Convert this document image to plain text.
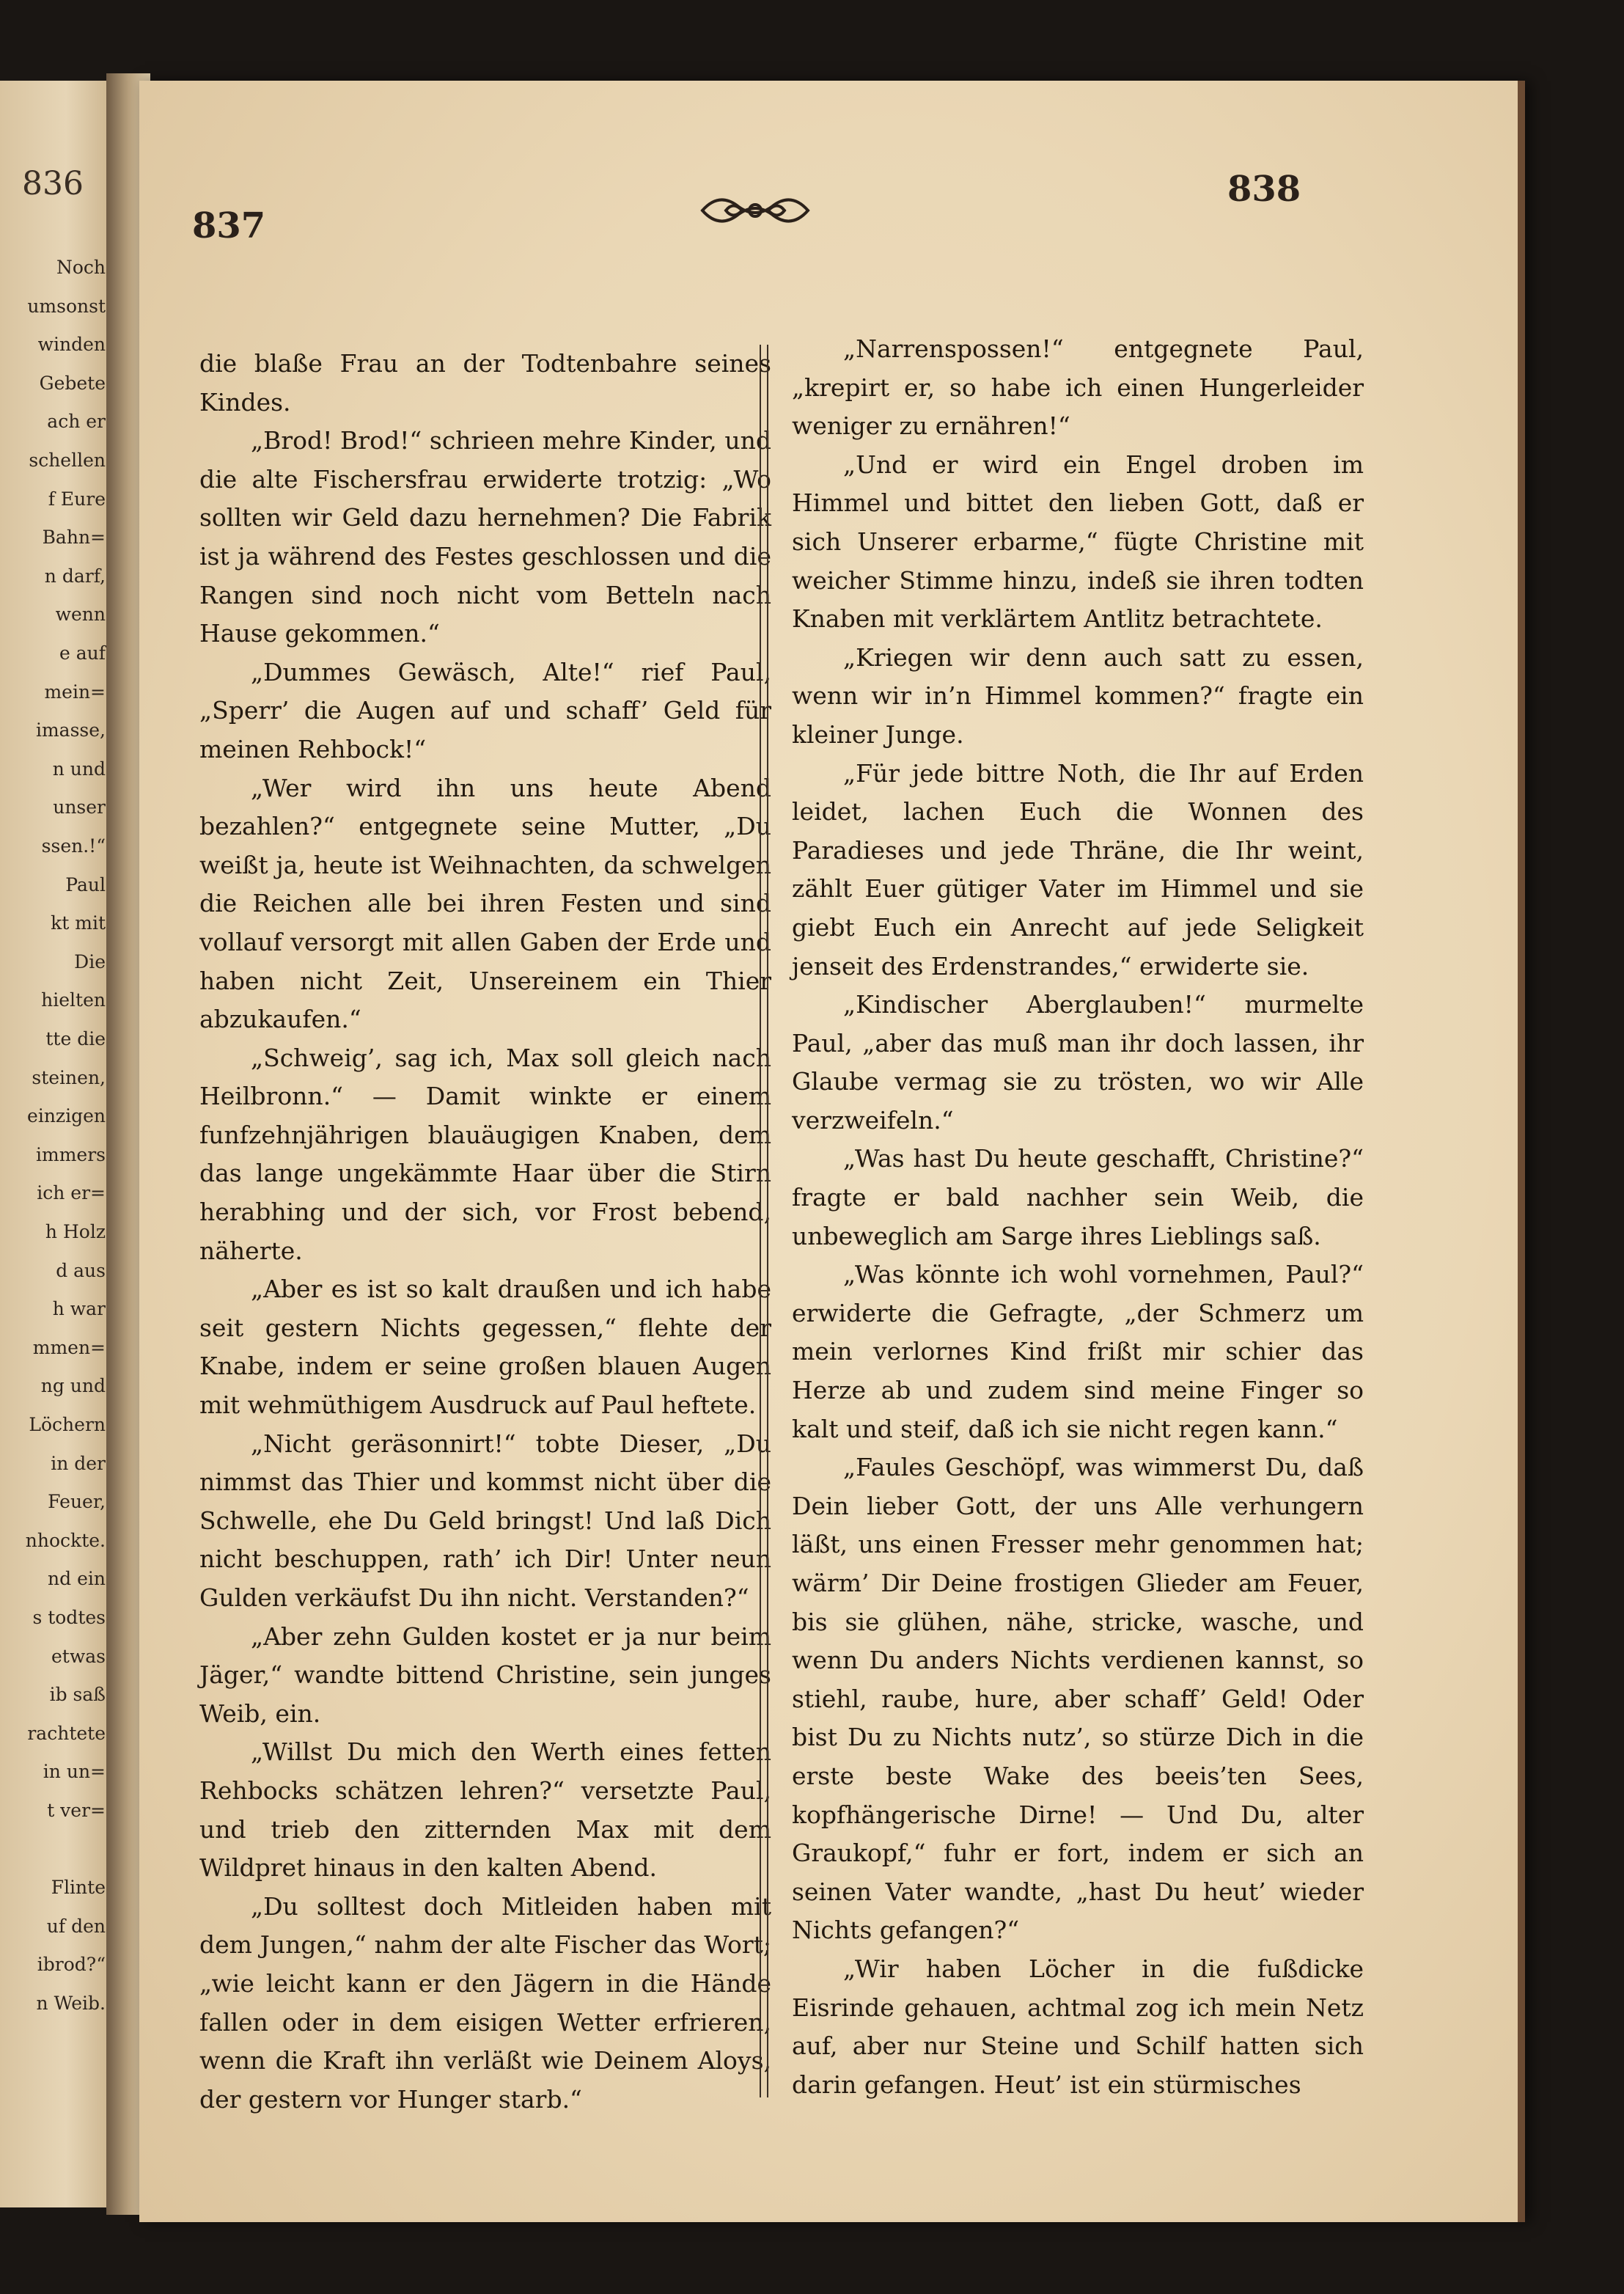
836
Noch
umsonst
winden
Gebete
ach er
schellen
f Eure
Bahn=
n darf,
wenn
e auf
mein=
imasse,
n und
unser
ssen.!“
Paul
kt mit
Die
hielten
tte die
steinen,
einzigen
immers
ich er=
h Holz
d aus
h war
mmen=
ng und
Löchern
in der
Feuer,
nhockte.
nd ein
s todtes
etwas
ib saß
rachtete
in un=
t ver=
Flinte
uf den
ibrod?“
n Weib.
837
838

die blaße Frau an der Todtenbahre seines Kindes.

„Brod! Brod!“ schrieen mehre Kinder, und die alte Fischersfrau erwiderte trotzig: „Wo sollten wir Geld dazu hernehmen? Die Fabrik ist ja während des Festes geschlossen und die Rangen sind noch nicht vom Betteln nach Hause gekommen.“

„Dummes Gewäsch, Alte!“ rief Paul, „Sperr’ die Augen auf und schaff’ Geld für meinen Rehbock!“

„Wer wird ihn uns heute Abend bezahlen?“ entgegnete seine Mutter, „Du weißt ja, heute ist Weihnachten, da schwelgen die Reichen alle bei ihren Festen und sind vollauf versorgt mit allen Gaben der Erde und haben nicht Zeit, Unsereinem ein Thier abzukaufen.“

„Schweig’, sag ich, Max soll gleich nach Heilbronn.“ — Damit winkte er einem funfzehnjährigen blauäugigen Knaben, dem das lange ungekämmte Haar über die Stirn herabhing und der sich, vor Frost bebend, näherte.

„Aber es ist so kalt draußen und ich habe seit gestern Nichts gegessen,“ flehte der Knabe, indem er seine großen blauen Augen mit wehmüthigem Ausdruck auf Paul heftete.

„Nicht geräsonnirt!“ tobte Dieser, „Du nimmst das Thier und kommst nicht über die Schwelle, ehe Du Geld bringst! Und laß Dich nicht beschuppen, rath’ ich Dir! Unter neun Gulden verkäufst Du ihn nicht. Verstanden?“

„Aber zehn Gulden kostet er ja nur beim Jäger,“ wandte bittend Christine, sein junges Weib, ein.

„Willst Du mich den Werth eines fetten Rehbocks schätzen lehren?“ versetzte Paul, und trieb den zitternden Max mit dem Wildpret hinaus in den kalten Abend.

„Du solltest doch Mitleiden haben mit dem Jungen,“ nahm der alte Fischer das Wort; „wie leicht kann er den Jägern in die Hände fallen oder in dem eisigen Wetter erfrieren, wenn die Kraft ihn verläßt wie Deinem Aloys, der gestern vor Hunger starb.“

„Narrenspossen!“ entgegnete Paul, „krepirt er, so habe ich einen Hungerleider weniger zu ernähren!“

„Und er wird ein Engel droben im Himmel und bittet den lieben Gott, daß er sich Unserer erbarme,“ fügte Christine mit weicher Stimme hinzu, indeß sie ihren todten Knaben mit verklärtem Antlitz betrachtete.

„Kriegen wir denn auch satt zu essen, wenn wir in’n Himmel kommen?“ fragte ein kleiner Junge.

„Für jede bittre Noth, die Ihr auf Erden leidet, lachen Euch die Wonnen des Paradieses und jede Thräne, die Ihr weint, zählt Euer gütiger Vater im Himmel und sie giebt Euch ein Anrecht auf jede Seligkeit jenseit des Erdenstrandes,“ erwiderte sie.

„Kindischer Aberglauben!“ murmelte Paul, „aber das muß man ihr doch lassen, ihr Glaube vermag sie zu trösten, wo wir Alle verzweifeln.“

„Was hast Du heute geschafft, Christine?“ fragte er bald nachher sein Weib, die unbeweglich am Sarge ihres Lieblings saß.

„Was könnte ich wohl vornehmen, Paul?“ erwiderte die Gefragte, „der Schmerz um mein verlornes Kind frißt mir schier das Herze ab und zudem sind meine Finger so kalt und steif, daß ich sie nicht regen kann.“

„Faules Geschöpf, was wimmerst Du, daß Dein lieber Gott, der uns Alle verhungern läßt, uns einen Fresser mehr genommen hat; wärm’ Dir Deine frostigen Glieder am Feuer, bis sie glühen, nähe, stricke, wasche, und wenn Du anders Nichts verdienen kannst, so stiehl, raube, hure, aber schaff’ Geld! Oder bist Du zu Nichts nutz’, so stürze Dich in die erste beste Wake des beeis’ten Sees, kopfhängerische Dirne! — Und Du, alter Graukopf,“ fuhr er fort, indem er sich an seinen Vater wandte, „hast Du heut’ wieder Nichts gefangen?“

„Wir haben Löcher in die fußdicke Eisrinde gehauen, achtmal zog ich mein Netz auf, aber nur Steine und Schilf hatten sich darin gefangen. Heut’ ist ein stürmisches
